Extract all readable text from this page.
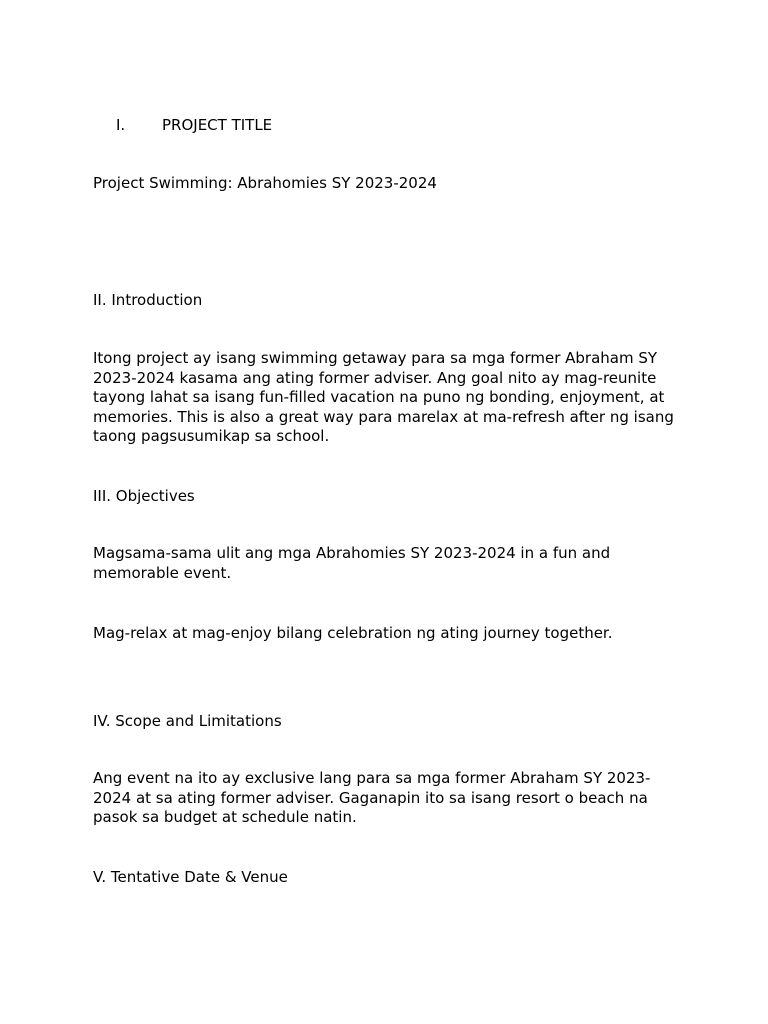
I. PROJECT TITLE
Project Swimming: Abrahomies SY 2023-2024
II. Introduction
Itong project ay isang swimming getaway para sa mga former Abraham SY 2023-2024 kasama ang ating former adviser. Ang goal nito ay mag-reunite tayong lahat sa isang fun-filled vacation na puno ng bonding, enjoyment, at memories. This is also a great way para marelax at ma-refresh after ng isang taong pagsusumikap sa school.
III. Objectives
Magsama-sama ulit ang mga Abrahomies SY 2023-2024 in a fun and memorable event.
Mag-relax at mag-enjoy bilang celebration ng ating journey together.
IV. Scope and Limitations
Ang event na ito ay exclusive lang para sa mga former Abraham SY 2023-2024 at sa ating former adviser. Gaganapin ito sa isang resort o beach na pasok sa budget at schedule natin.
V. Tentative Date & Venue
